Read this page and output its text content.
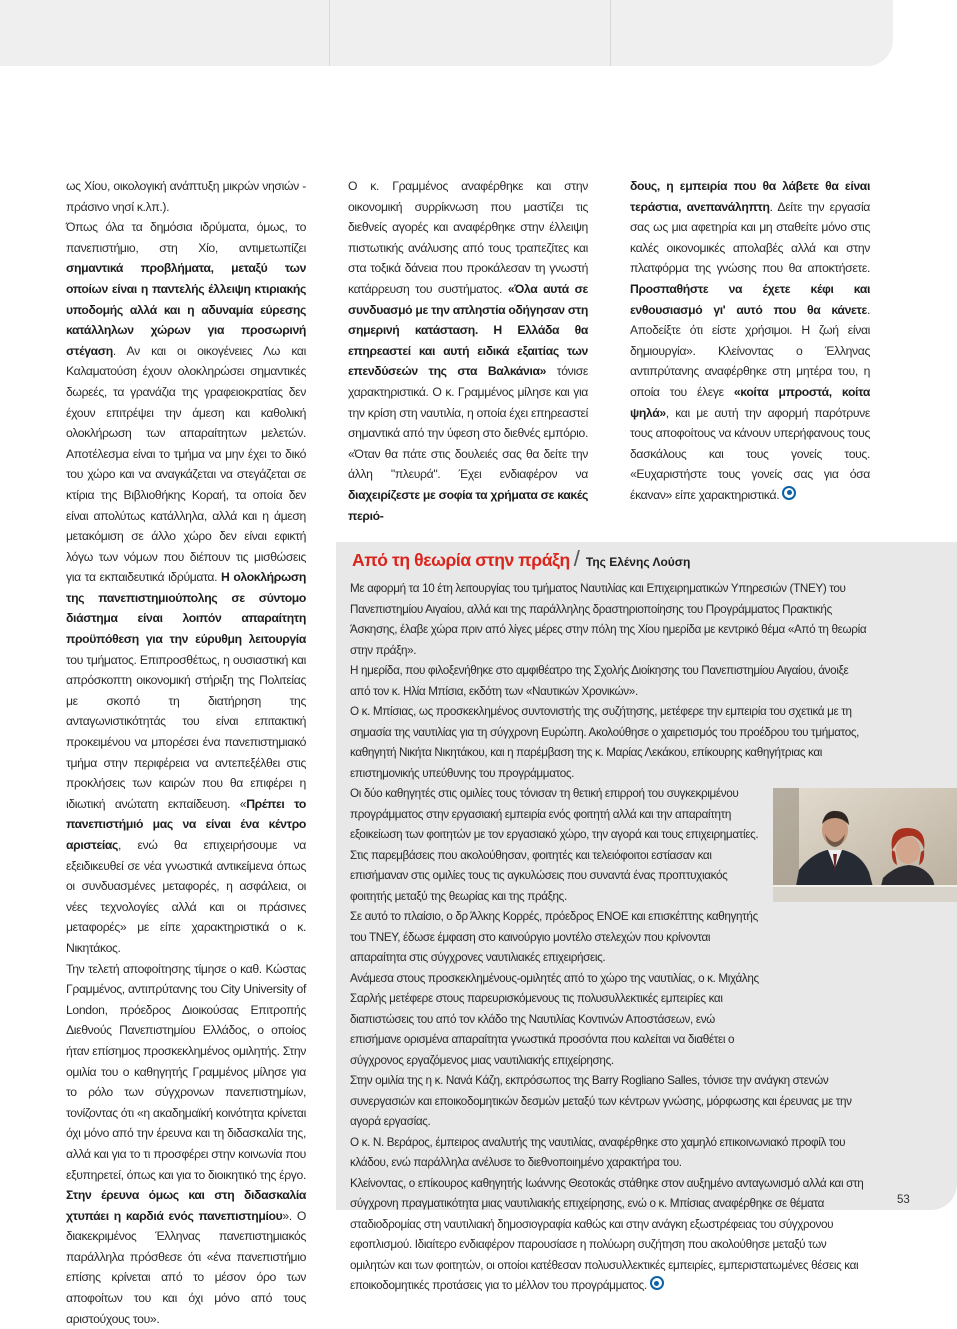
ως Χίου, οικολογική ανάπτυξη μικρών νησιών - πράσινο νησί κ.λπ.).

Όπως όλα τα δημόσια ιδρύματα, όμως, το πανεπιστήμιο, στη Χίο, αντιμετωπίζει σημαντικά προβλήματα, μεταξύ των οποίων είναι η παντελής έλλειψη κτιριακής υποδομής αλλά και η αδυναμία εύρεσης κατάλληλων χώρων για προσωρινή στέγαση. Αν και οι οικογένειες Λω και Καλαματούση έχουν ολοκληρώσει σημαντικές δωρεές, τα γρανάζια της γραφειοκρατίας δεν έχουν επιτρέψει την άμεση και καθολική ολοκλήρωση των απαραίτητων μελετών. Αποτέλεσμα είναι το τμήμα να μην έχει το δικό του χώρο και να αναγκάζεται να στεγάζεται σε κτίρια της Βιβλιοθήκης Κοραή, τα οποία δεν είναι απολύτως κατάλληλα, αλλά και η άμεση μετακόμιση σε άλλο χώρο δεν είναι εφικτή λόγω των νόμων που διέπουν τις μισθώσεις για τα εκπαιδευτικά ιδρύματα. Η ολοκλήρωση της πανεπιστημιούπολης σε σύντομο διάστημα είναι λοιπόν απαραίτητη προϋπόθεση για την εύρυθμη λειτουργία του τμήματος. Επιπροσθέτως, η ουσιαστική και απρόσκοπτη οικονομική στήριξη της Πολιτείας με σκοπό τη διατήρηση της ανταγωνιστικότητάς του είναι επιτακτική προκειμένου να μπορέσει ένα πανεπιστημιακό τμήμα στην περιφέρεια να αντεπεξέλθει στις προκλήσεις των καιρών που θα επιφέρει η ιδιωτική ανώτατη εκπαίδευση. «Πρέπει το πανεπιστήμιό μας να είναι ένα κέντρο αριστείας, ενώ θα επιχειρήσουμε να εξειδικευθεί σε νέα γνωστικά αντικείμενα όπως οι συνδυασμένες μεταφορές, η ασφάλεια, οι νέες τεχνολογίες αλλά και οι πράσινες μεταφορές» με είπε χαρακτηριστικά ο κ. Νικητάκος.

Την τελετή αποφοίτησης τίμησε ο καθ. Κώστας Γραμμένος, αντιπρύτανης του City University of London, πρόεδρος Διοικούσας Επιτροπής Διεθνούς Πανεπιστημίου Ελλάδος, ο οποίος ήταν επίσημος προσκεκλημένος ομιλητής. Στην ομιλία του ο καθηγητής Γραμμένος μίλησε για το ρόλο των σύγχρονων πανεπιστημίων, τονίζοντας ότι «η ακαδημαϊκή κοινότητα κρίνεται όχι μόνο από την έρευνα και τη διδασκαλία της, αλλά και για το τι προσφέρει στην κοινωνία που εξυπηρετεί, όπως και για το διοικητικό της έργο. Στην έρευνα όμως και στη διδασκαλία χτυπάει η καρδιά ενός πανεπιστημίου». Ο διακεκριμένος Έλληνας πανεπιστημιακός παράλληλα πρόσθεσε ότι «ένα πανεπιστήμιο επίσης κρίνεται από το μέσον όρο των αποφοίτων του και όχι μόνο από τους αριστούχους του».

Ο κ. Γραμμένος αναφέρθηκε και στην οικονομική συρρίκνωση που μαστίζει τις διεθνείς αγορές και αναφέρθηκε στην έλλειψη πιστωτικής ανάλυσης από τους τραπεζίτες και στα τοξικά δάνεια που προκάλεσαν τη γνωστή κατάρρευση του συστήματος. «Όλα αυτά σε συνδυασμό με την απληστία οδήγησαν στη σημερινή κατάσταση. Η Ελλάδα θα επηρεαστεί και αυτή ειδικά εξαιτίας των επενδύσεών της στα Βαλκάνια» τόνισε χαρακτηριστικά. Ο κ. Γραμμένος μίλησε και για την κρίση στη ναυτιλία, η οποία έχει επηρεαστεί σημαντικά από την ύφεση στο διεθνές εμπόριο. «Όταν θα πάτε στις δουλειές σας θα δείτε την άλλη "πλευρά". Έχει ενδιαφέρον να διαχειρίζεστε με σοφία τα χρήματα σε κακές περιό-

δους, η εμπειρία που θα λάβετε θα είναι τεράστια, ανεπανάληπτη. Δείτε την εργασία σας ως μια αφετηρία και μη σταθείτε μόνο στις καλές οικονομικές απολαβές αλλά και στην πλατφόρμα της γνώσης που θα αποκτήσετε. Προσπαθήστε να έχετε κέφι και ενθουσιασμό γι' αυτό που θα κάνετε. Αποδείξτε ότι είστε χρήσιμοι. Η ζωή είναι δημιουργία». Κλείνοντας ο Έλληνας αντιπρύτανης αναφέρθηκε στη μητέρα του, η οποία του έλεγε «κοίτα μπροστά, κοίτα ψηλά», και με αυτή την αφορμή παρότρυνε τους αποφοίτους να κάνουν υπερήφανους τους δασκάλους και τους γονείς τους. «Ευχαριστήστε τους γονείς σας για όσα έκαναν» είπε χαρακτηριστικά.

Από τη θεωρία στην πράξη / Της Ελένης Λούση

Με αφορμή τα 10 έτη λειτουργίας του τμήματος Ναυτιλίας και Επιχειρηματικών Υπηρεσιών (ΤΝΕΥ) του Πανεπιστημίου Αιγαίου, αλλά και της παράλληλης δραστηριοποίησης του Προγράμματος Πρακτικής Άσκησης, έλαβε χώρα πριν από λίγες μέρες στην πόλη της Χίου ημερίδα με κεντρικό θέμα «Από τη θεωρία στην πράξη».

Η ημερίδα, που φιλοξενήθηκε στο αμφιθέατρο της Σχολής Διοίκησης του Πανεπιστημίου Αιγαίου, άνοιξε από τον κ. Ηλία Μπίσια, εκδότη των «Ναυτικών Χρονικών».

Ο κ. Μπίσιας, ως προσκεκλημένος συντονιστής της συζήτησης, μετέφερε την εμπειρία του σχετικά με τη σημασία της ναυτιλίας για τη σύγχρονη Ευρώπη. Ακολούθησε ο χαιρετισμός του προέδρου του τμήματος, καθηγητή Νικήτα Νικητάκου, και η παρέμβαση της κ. Μαρίας Λεκάκου, επίκουρης καθηγήτριας και επιστημονικής υπεύθυνης του προγράμματος.

Οι δύο καθηγητές στις ομιλίες τους τόνισαν τη θετική επιρροή του συγκεκριμένου προγράμματος στην εργασιακή εμπειρία ενός φοιτητή αλλά και την απαραίτητη εξοικείωση των φοιτητών με τον εργασιακό χώρο, την αγορά και τους επιχειρηματίες. Στις παρεμβάσεις που ακολούθησαν, φοιτητές και τελειόφοιτοι εστίασαν και επισήμαναν στις ομιλίες τους τις αγκυλώσεις που συναντά ένας προπτυχιακός φοιτητής μεταξύ της θεωρίας και της πράξης.

Σε αυτό το πλαίσιο, ο δρ Άλκης Κορρές, πρόεδρος ΕΝΟΕ και επισκέπτης καθηγητής του ΤΝΕΥ, έδωσε έμφαση στο καινούργιο μοντέλο στελεχών που κρίνονται απαραίτητα στις σύγχρονες ναυτιλιακές επιχειρήσεις.

Ανάμεσα στους προσκεκλημένους-ομιλητές από το χώρο της ναυτιλίας, ο κ. Μιχάλης Σαρλής μετέφερε στους παρευρισκόμενους τις πολυσυλλεκτικές εμπειρίες και διαπιστώσεις του από τον κλάδο της Ναυτιλίας Κοντινών Αποστάσεων, ενώ επισήμανε ορισμένα απαραίτητα γνωστικά προσόντα που καλείται να διαθέτει ο σύγχρονος εργαζόμενος μιας ναυτιλιακής επιχείρησης.

Στην ομιλία της η κ. Νανά Κάζη, εκπρόσωπος της Barry Rogliano Salles, τόνισε την ανάγκη στενών συνεργασιών και εποικοδομητικών δεσμών μεταξύ των κέντρων γνώσης, μόρφωσης και έρευνας με την αγορά εργασίας.

Ο κ. Ν. Βεράρος, έμπειρος αναλυτής της ναυτιλίας, αναφέρθηκε στο χαμηλό επικοινωνιακό προφίλ του κλάδου, ενώ παράλληλα ανέλυσε το διεθνοποιημένο χαρακτήρα του.

Κλείνοντας, ο επίκουρος καθηγητής Ιωάννης Θεοτοκάς στάθηκε στον αυξημένο ανταγωνισμό αλλά και στη σύγχρονη πραγματικότητα μιας ναυτιλιακής επιχείρησης, ενώ ο κ. Μπίσιας αναφέρθηκε σε θέματα σταδιοδρομίας στη ναυτιλιακή δημοσιογραφία καθώς και στην ανάγκη εξωστρέφειας του σύγχρονου εφοπλισμού. Ιδιαίτερο ενδιαφέρον παρουσίασε η πολύωρη συζήτηση που ακολούθησε μεταξύ των ομιλητών και των φοιτητών, οι οποίοι κατέθεσαν πολυσυλλεκτικές εμπειρίες, εμπεριστατωμένες θέσεις και εποικοδομητικές προτάσεις για το μέλλον του προγράμματος.

53
